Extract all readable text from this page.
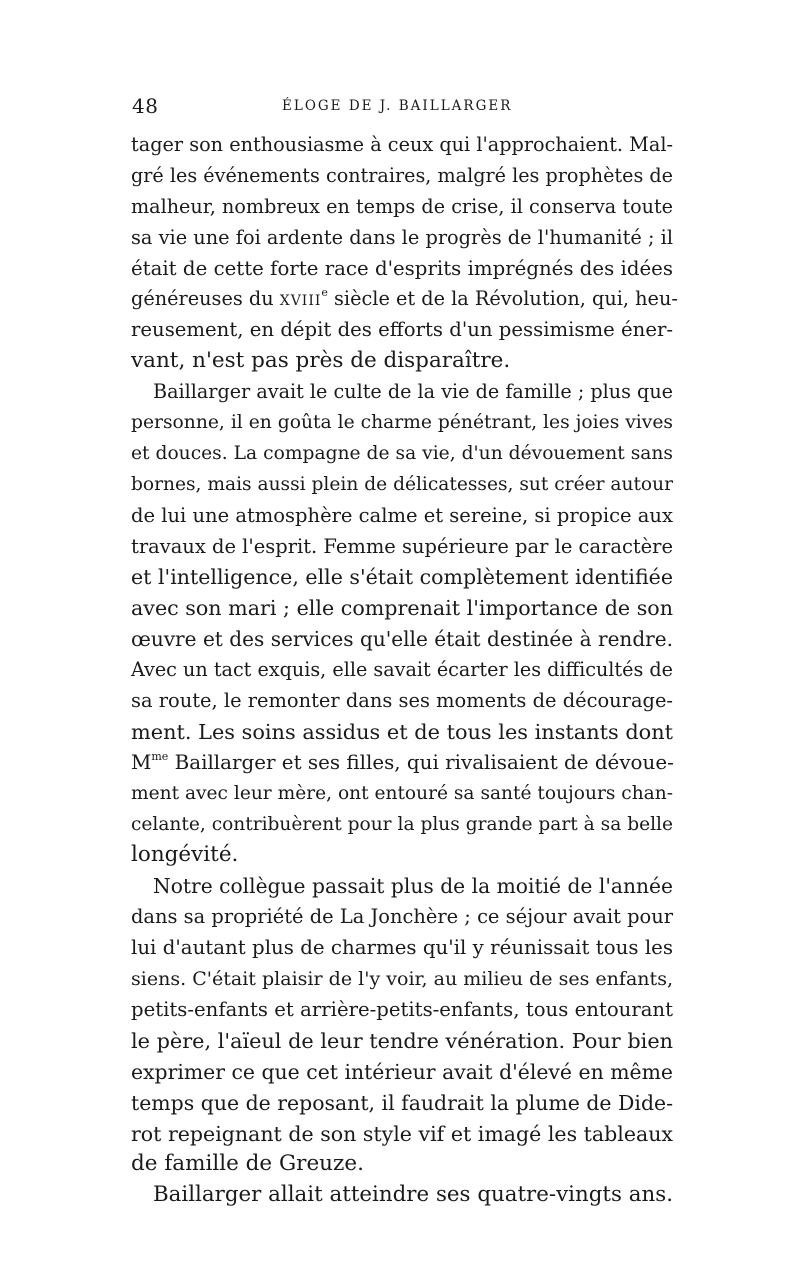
48	ÉLOGE DE J. BAILLARGER
tager son enthousiasme à ceux qui l'approchaient. Mal-
gré les événements contraires, malgré les prophètes de
malheur, nombreux en temps de crise, il conserva toute
sa vie une foi ardente dans le progrès de l'humanité ; il
était de cette forte race d'esprits imprégnés des idées
généreuses du XVIIIe siècle et de la Révolution, qui, heu-
reusement, en dépit des efforts d'un pessimisme éner-
vant, n'est pas près de disparaître.
Baillarger avait le culte de la vie de famille ; plus que
personne, il en goûta le charme pénétrant, les joies vives
et douces. La compagne de sa vie, d'un dévouement sans
bornes, mais aussi plein de délicatesses, sut créer autour
de lui une atmosphère calme et sereine, si propice aux
travaux de l'esprit. Femme supérieure par le caractère
et l'intelligence, elle s'était complètement identifiée
avec son mari ; elle comprenait l'importance de son
œuvre et des services qu'elle était destinée à rendre.
Avec un tact exquis, elle savait écarter les difficultés de
sa route, le remonter dans ses moments de décourage-
ment. Les soins assidus et de tous les instants dont
$M^{me}$ Baillarger et ses filles, qui rivalisaient de dévoue-
ment avec leur mère, ont entouré sa santé toujours chan-
celante, contribuèrent pour la plus grande part à sa belle
longévité.
Notre collègue passait plus de la moitié de l'année
dans sa propriété de La Jonchère ; ce séjour avait pour
lui d'autant plus de charmes qu'il y réunissait tous les
siens. C'était plaisir de l'y voir, au milieu de ses enfants,
petits-enfants et arrière-petits-enfants, tous entourant
le père, l'aïeul de leur tendre vénération. Pour bien
exprimer ce que cet intérieur avait d'élevé en même
temps que de reposant, il faudrait la plume de Dide-
rot repeignant de son style vif et imagé les tableaux
de famille de Greuze.
Baillarger allait atteindre ses quatre-vingts ans.
